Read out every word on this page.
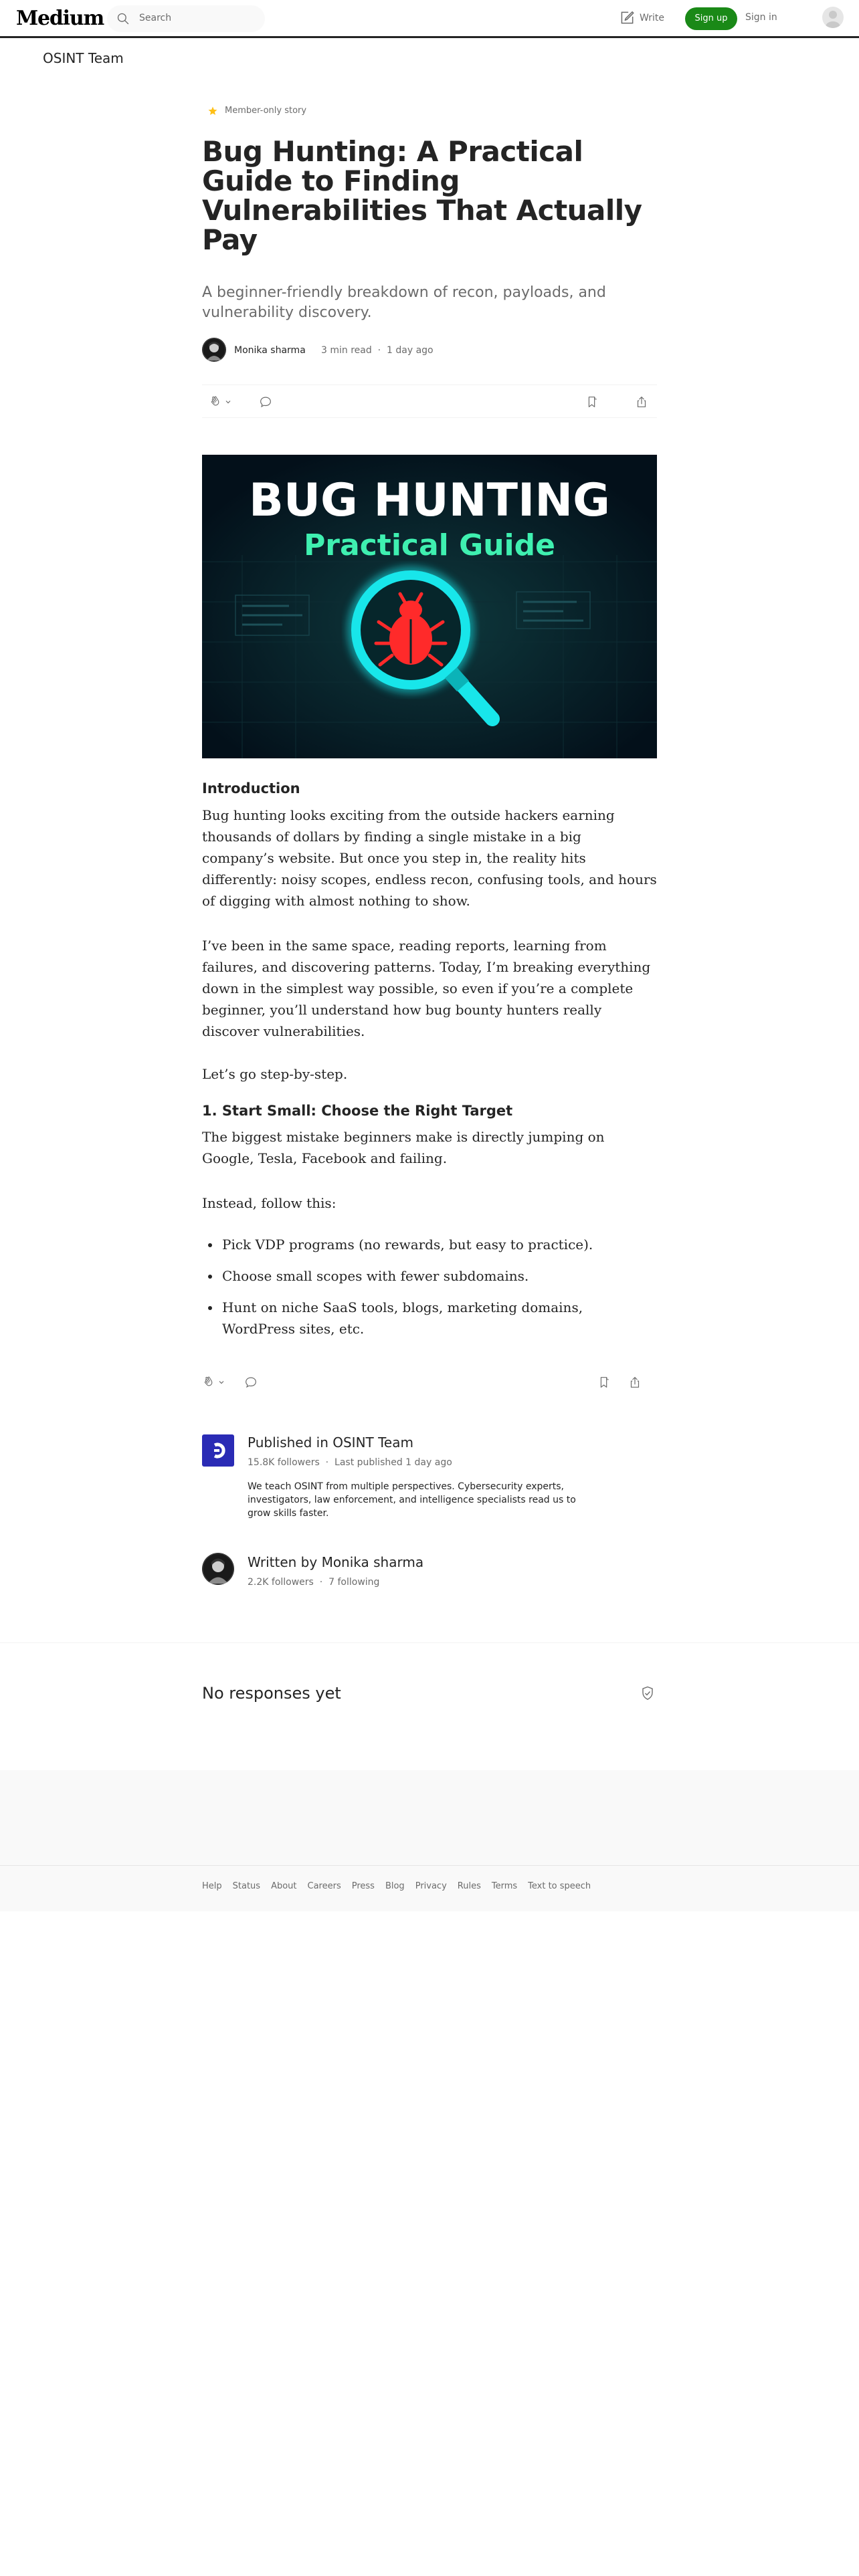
Medium	Search	Write	Sign up	Sign in
OSINT Team
Member-only story
Bug Hunting: A Practical Guide to Finding Vulnerabilities That Actually Pay
A beginner-friendly breakdown of recon, payloads, and vulnerability discovery.
Monika sharma 3 min read · 1 day ago
BUG HUNTING
Practical Guide
Introduction

Bug hunting looks exciting from the outside hackers earning thousands of dollars by finding a single mistake in a big company’s website. But once you step in, the reality hits differently: noisy scopes, endless recon, confusing tools, and hours of digging with almost nothing to show.

I’ve been in the same space, reading reports, learning from failures, and discovering patterns. Today, I’m breaking everything down in the simplest way possible, so even if you’re a complete beginner, you’ll understand how bug bounty hunters really discover vulnerabilities.

Let’s go step-by-step.

1. Start Small: Choose the Right Target

The biggest mistake beginners make is directly jumping on Google, Tesla, Facebook and failing.

Instead, follow this:

• Pick VDP programs (no rewards, but easy to practice).
• Choose small scopes with fewer subdomains.
• Hunt on niche SaaS tools, blogs, marketing domains, WordPress sites, etc.
Published in OSINT Team
15.8K followers · Last published 1 day ago
We teach OSINT from multiple perspectives. Cybersecurity experts, investigators, law enforcement, and intelligence specialists read us to grow skills faster.
Written by Monika sharma
2.2K followers · 7 following
No responses yet
Help Status About Careers Press Blog Privacy Rules Terms Text to speech
